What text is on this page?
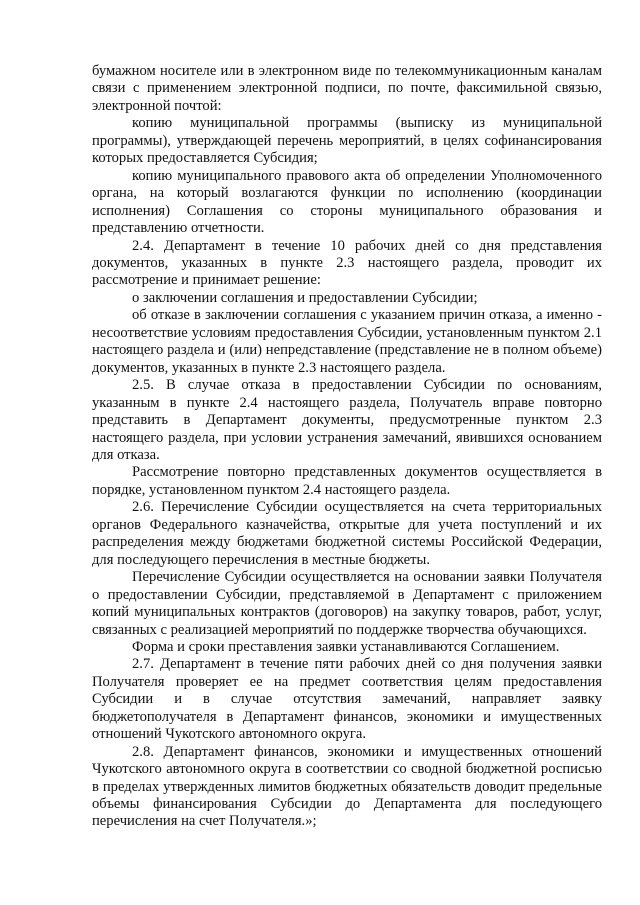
бумажном носителе или в электронном виде по телекоммуникационным каналам связи с применением электронной подписи, по почте, факсимильной связью, электронной почтой:

копию муниципальной программы (выписку из муниципальной программы), утверждающей перечень мероприятий, в целях софинансирования которых предоставляется Субсидия;

копию муниципального правового акта об определении Уполномоченного органа, на который возлагаются функции по исполнению (координации исполнения) Соглашения со стороны муниципального образования и представлению отчетности.

2.4. Департамент в течение 10 рабочих дней со дня представления документов, указанных в пункте 2.3 настоящего раздела, проводит их рассмотрение и принимает решение:

о заключении соглашения и предоставлении Субсидии;

об отказе в заключении соглашения с указанием причин отказа, а именно - несоответствие условиям предоставления Субсидии, установленным пунктом 2.1 настоящего раздела и (или) непредставление (представление не в полном объеме) документов, указанных в пункте 2.3 настоящего раздела.

2.5. В случае отказа в предоставлении Субсидии по основаниям, указанным в пункте 2.4 настоящего раздела, Получатель вправе повторно представить в Департамент документы, предусмотренные пунктом 2.3 настоящего раздела, при условии устранения замечаний, явившихся основанием для отказа.

Рассмотрение повторно представленных документов осуществляется в порядке, установленном пунктом 2.4 настоящего раздела.

2.6. Перечисление Субсидии осуществляется на счета территориальных органов Федерального казначейства, открытые для учета поступлений и их распределения между бюджетами бюджетной системы Российской Федерации, для последующего перечисления в местные бюджеты.

Перечисление Субсидии осуществляется на основании заявки Получателя о предоставлении Субсидии, представляемой в Департамент с приложением копий муниципальных контрактов (договоров) на закупку товаров, работ, услуг, связанных с реализацией мероприятий по поддержке творчества обучающихся.

Форма и сроки преставления заявки устанавливаются Соглашением.

2.7. Департамент в течение пяти рабочих дней со дня получения заявки Получателя проверяет ее на предмет соответствия целям предоставления Субсидии и в случае отсутствия замечаний, направляет заявку бюджетополучателя в Департамент финансов, экономики и имущественных отношений Чукотского автономного округа.

2.8. Департамент финансов, экономики и имущественных отношений Чукотского автономного округа в соответствии со сводной бюджетной росписью в пределах утвержденных лимитов бюджетных обязательств доводит предельные объемы финансирования Субсидии до Департамента для последующего перечисления на счет Получателя.»;
